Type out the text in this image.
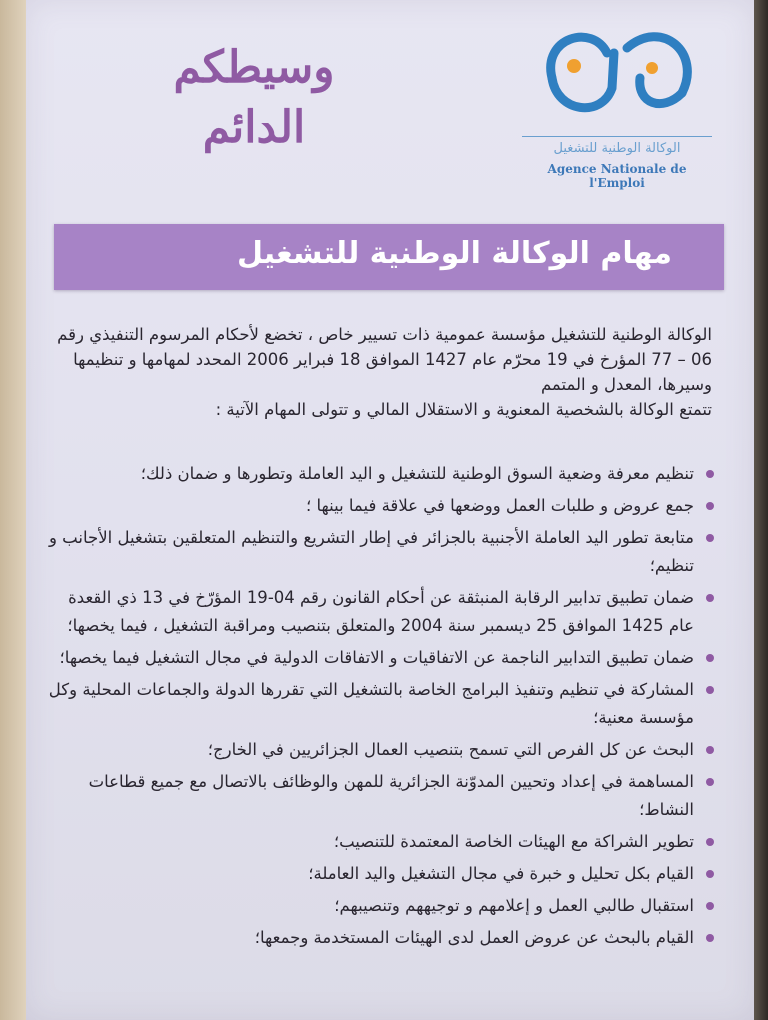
وسيطكم
الدائم	الوكالة الوطنية للتشغيل
Agence Nationale de l'Emploi
مهام الوكالة الوطنية للتشغيل

الوكالة الوطنية للتشغيل مؤسسة عمومية ذات تسيير خاص ، تخضع لأحكام المرسوم التنفيذي رقم 06 – 77 المؤرخ في 19 محرّم عام 1427 الموافق 18 فبراير 2006 المحدد لمهامها و تنظيمها وسيرها، المعدل و المتمم

تتمتع الوكالة بالشخصية المعنوية و الاستقلال المالي و تتولى المهام الآتية :

تنظيم معرفة وضعية السوق الوطنية للتشغيل و اليد العاملة وتطورها و ضمان ذلك؛
جمع عروض و طلبات العمل ووضعها في علاقة فيما بينها ؛
متابعة تطور اليد العاملة الأجنبية بالجزائر في إطار التشريع والتنظيم المتعلقين بتشغيل الأجانب و تنظيم؛
ضمان تطبيق تدابير الرقابة المنبثقة عن أحكام القانون رقم 04-19 المؤرّخ في 13 ذي القعدة عام 1425 الموافق 25 ديسمبر سنة 2004 والمتعلق بتنصيب ومراقبة التشغيل ، فيما يخصها؛
ضمان تطبيق التدابير الناجمة عن الاتفاقيات و الاتفاقات الدولية في مجال التشغيل فيما يخصها؛
المشاركة في تنظيم وتنفيذ البرامج الخاصة بالتشغيل التي تقررها الدولة والجماعات المحلية وكل مؤسسة معنية؛
البحث عن كل الفرص التي تسمح بتنصيب العمال الجزائريين في الخارج؛
المساهمة في إعداد وتحيين المدوّنة الجزائرية للمهن والوظائف بالاتصال مع جميع قطاعات النشاط؛
تطوير الشراكة مع الهيئات الخاصة المعتمدة للتنصيب؛
القيام بكل تحليل و خبرة في مجال التشغيل واليد العاملة؛
استقبال طالبي العمل و إعلامهم و توجيههم وتنصيبهم؛
القيام بالبحث عن عروض العمل لدى الهيئات المستخدمة وجمعها؛
